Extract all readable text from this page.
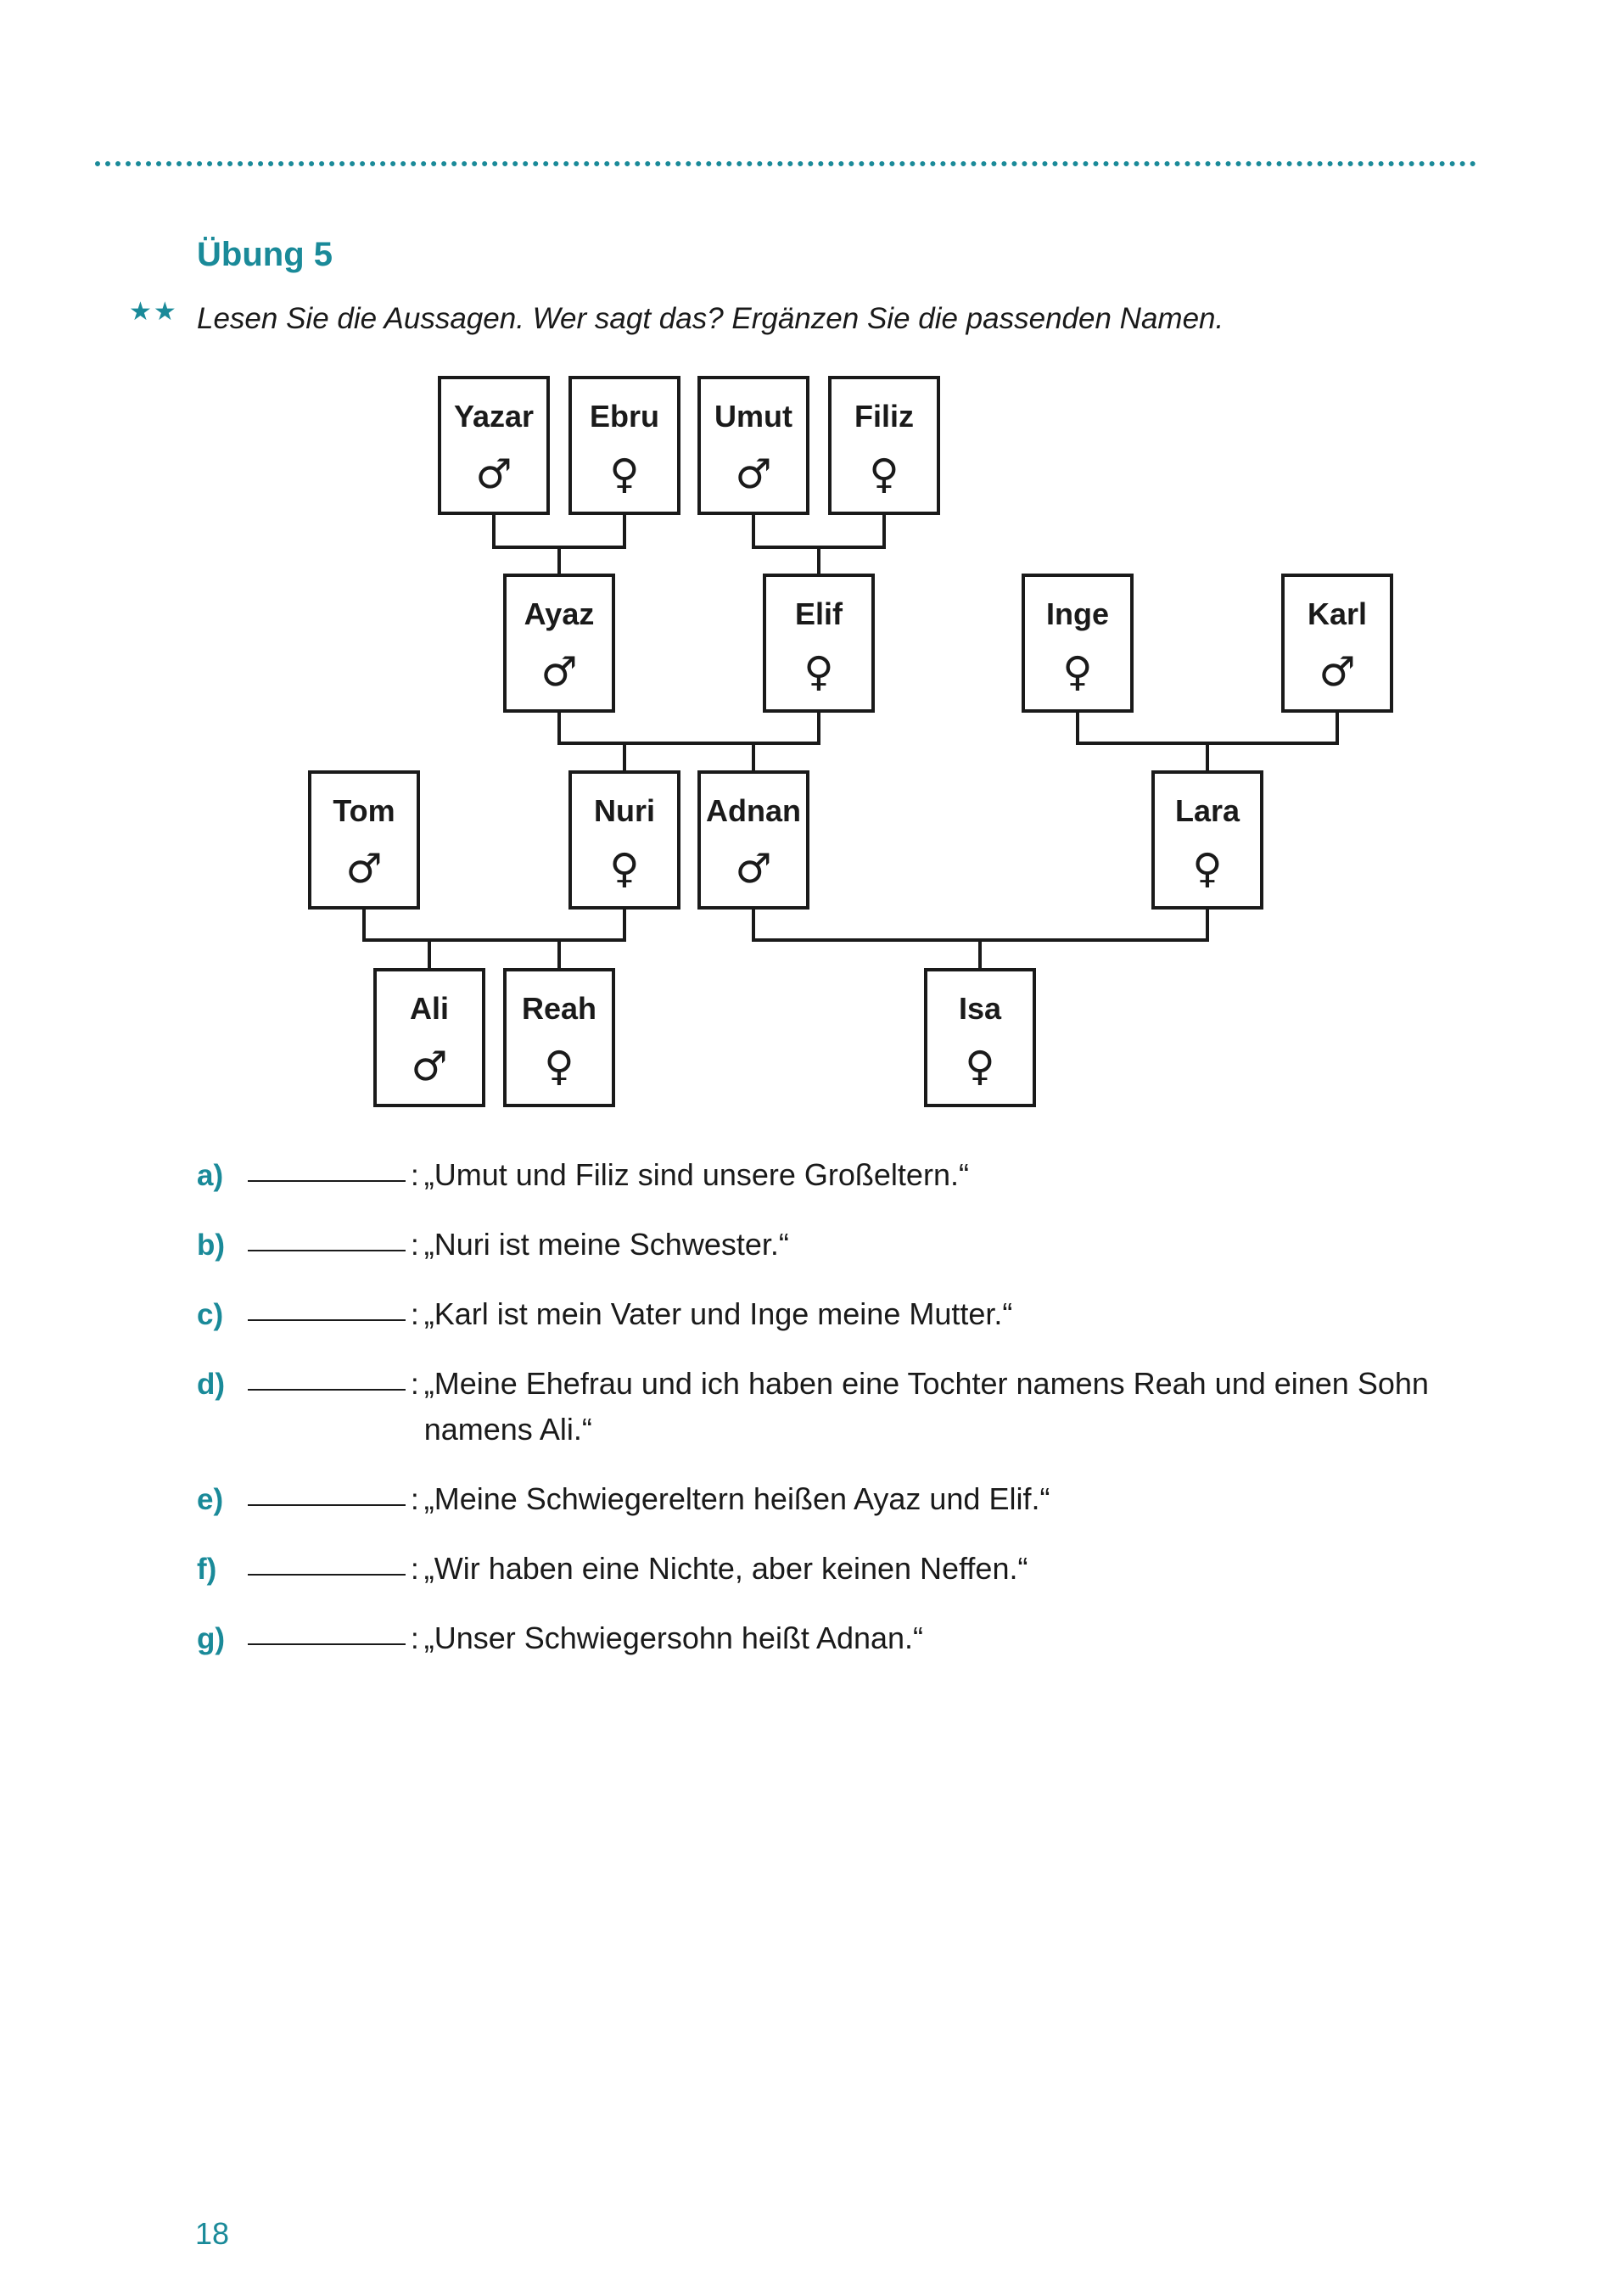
Übung 5
★★ Lesen Sie die Aussagen. Wer sagt das? Ergänzen Sie die passenden Namen.
Yazar
♂
Ebru
♀
Umut
♂
Filiz
♀
Ayaz
♂
Elif
♀
Inge
♀
Karl
♂
Tom
♂
Nuri
♀
Adnan
♂
Lara
♀
Ali
♂
Reah
♀
Isa
♀
a)	: „Umut und Filiz sind unsere Großeltern.“
b)	: „Nuri ist meine Schwester.“
c)	: „Karl ist mein Vater und Inge meine Mutter.“
d)	: „Meine Ehefrau und ich haben eine Tochter namens Reah und einen Sohn namens Ali.“
e)	: „Meine Schwiegereltern heißen Ayaz und Elif.“
f)	: „Wir haben eine Nichte, aber keinen Neffen.“
g)	: „Unser Schwiegersohn heißt Adnan.“
18
